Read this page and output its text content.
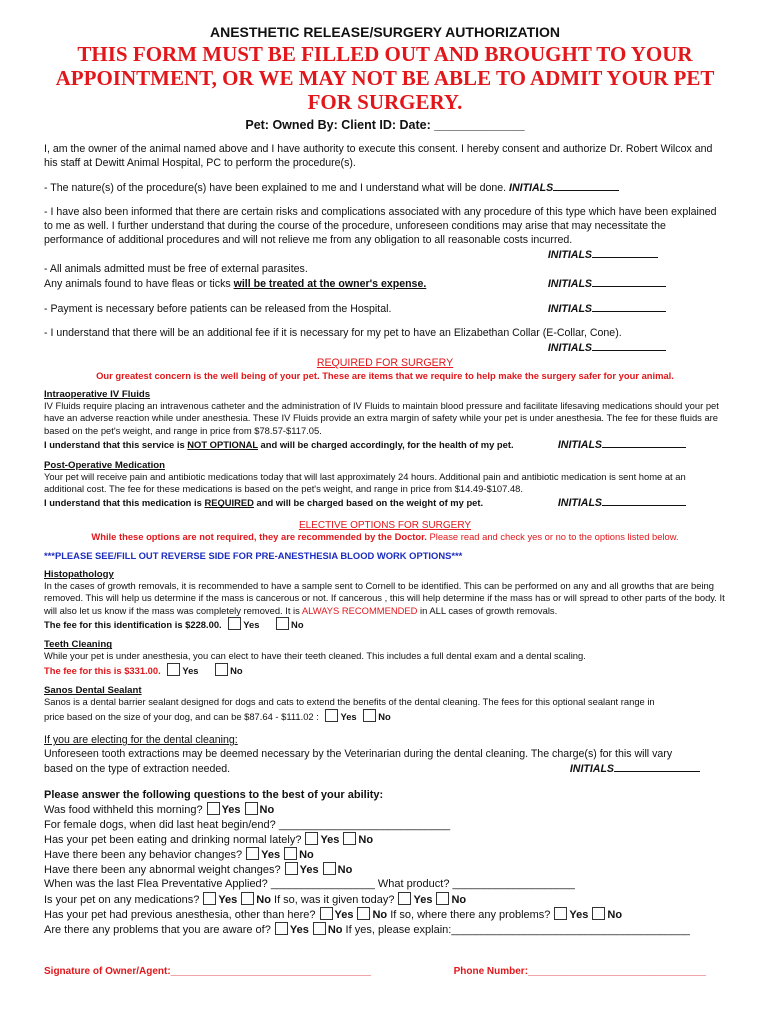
ANESTHETIC RELEASE/SURGERY AUTHORIZATION
THIS FORM MUST BE FILLED OUT AND BROUGHT TO YOUR APPOINTMENT, OR WE MAY NOT BE ABLE TO ADMIT YOUR PET FOR SURGERY.
Pet: Owned By: Client ID: Date: _____________

I, am the owner of the animal named above and I have authority to execute this consent. I hereby consent and authorize Dr. Robert Wilcox and his staff at Dewitt Animal Hospital, PC to perform the procedure(s).

- The nature(s) of the procedure(s) have been explained to me and I understand what will be done. INITIALS

- I have also been informed that there are certain risks and complications associated with any procedure of this type which have been explained to me as well. I further understand that during the course of the procedure, unforeseen conditions may arise that may necessitate the performance of additional procedures and will not relieve me from any obligation to all reasonable costs incurred.

INITIALS

- All animals admitted must be free of external parasites.

Any animals found to have fleas or ticks will be treated at the owner's expense.	INITIALS
- Payment is necessary before patients can be released from the Hospital.	INITIALS

- I understand that there will be an additional fee if it is necessary for my pet to have an Elizabethan Collar (E-Collar, Cone).

INITIALS
REQUIRED FOR SURGERY
Our greatest concern is the well being of your pet. These are items that we require to help make the surgery safer for your animal.
Intraoperative IV Fluids

IV Fluids require placing an intravenous catheter and the administration of IV Fluids to maintain blood pressure and facilitate lifesaving medications should your pet have an adverse reaction while under anesthesia. These IV Fluids provide an extra margin of safety while your pet is under anesthesia. The fee for these fluids are based on the pet's weight, and range in price from $78.57-$117.05.

I understand that this service is NOT OPTIONAL and will be charged accordingly, for the health of my pet.	INITIALS
Post-Operative Medication

Your pet will receive pain and antibiotic medications today that will last approximately 24 hours. Additional pain and antibiotic medication is sent home at an additional cost. The fee for these medications is based on the pet's weight, and range in price from $14.49-$107.48.

I understand that this medication is REQUIRED and will be charged based on the weight of my pet.	INITIALS
ELECTIVE OPTIONS FOR SURGERY
While these options are not required, they are recommended by the Doctor. Please read and check yes or no to the options listed below.
***PLEASE SEE/FILL OUT REVERSE SIDE FOR PRE-ANESTHESIA BLOOD WORK OPTIONS***
Histopathology

In the cases of growth removals, it is recommended to have a sample sent to Cornell to be identified. This can be performed on any and all growths that are being removed. This will help us determine if the mass is cancerous or not. If cancerous , this will help determine if the mass has or will spread to other parts of the body. It will also let us know if the mass was completely removed. It is ALWAYS RECOMMENDED in ALL cases of growth removals.

The fee for this identification is $228.00. Yes	No
Teeth Cleaning

While your pet is under anesthesia, you can elect to have their teeth cleaned. This includes a full dental exam and a dental scaling.

The fee for this is $331.00. Yes	No
Sanos Dental Sealant

Sanos is a dental barrier sealant designed for dogs and cats to extend the benefits of the dental cleaning. The fees for this optional sealant range in

price based on the size of your dog, and can be $87.64 - $111.02 : Yes No
If you are electing for the dental cleaning:

Unforeseen tooth extractions may be deemed necessary by the Veterinarian during the dental cleaning. The charge(s) for this will vary

based on the type of extraction needed.	INITIALS
Please answer the following questions to the best of your ability:
Was food withheld this morning? Yes No
For female dogs, when did last heat begin/end? ____________________________
Has your pet been eating and drinking normal lately? Yes No
Have there been any behavior changes? Yes No
Have there been any abnormal weight changes? Yes No
When was the last Flea Preventative Applied? _________________ What product? ____________________
Is your pet on any medications? Yes No If so, was it given today? Yes No
Has your pet had previous anesthesia, other than here? Yes No If so, where there any problems? Yes No
Are there any problems that you are aware of? Yes No If yes, please explain:_______________________________________
Signature of Owner/Agent:____________________________________	Phone Number:________________________________
